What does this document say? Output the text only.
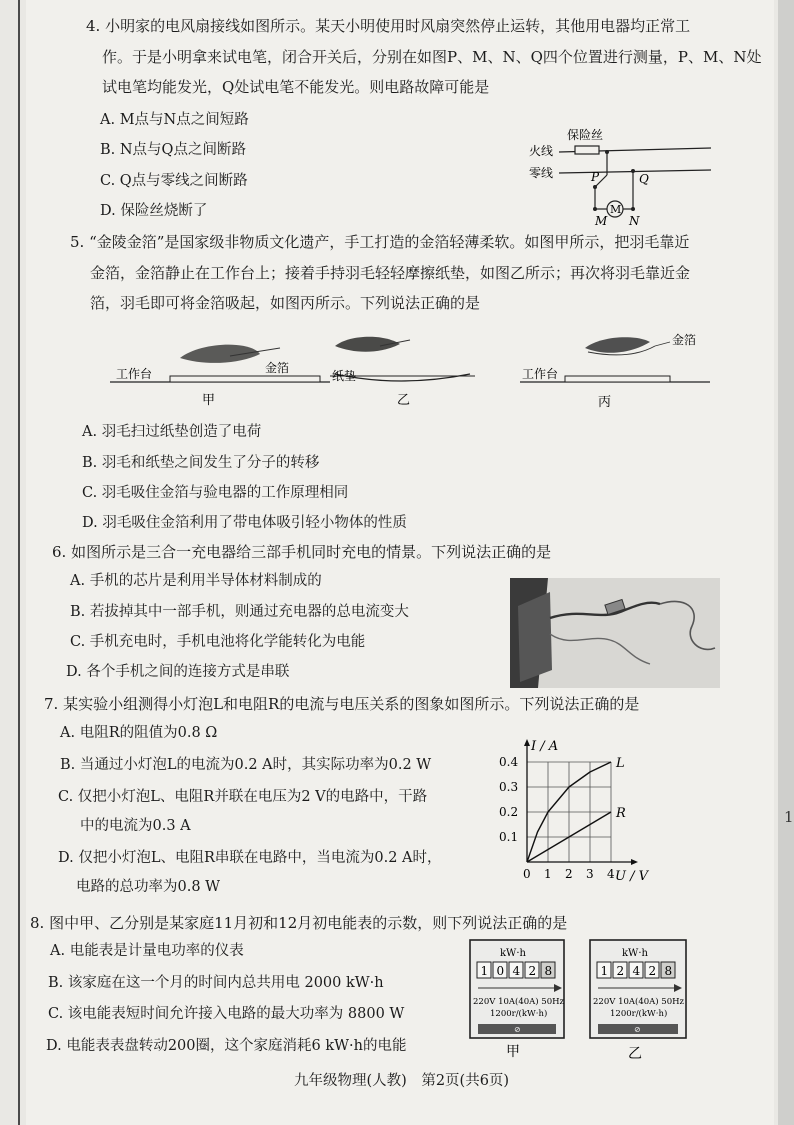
1
4. 小明家的电风扇接线如图所示。某天小明使用时风扇突然停止运转，其他用电器均正常工
作。于是小明拿来试电笔，闭合开关后，分别在如图P、M、N、Q四个位置进行测量，P、M、N处
试电笔均能发光，Q处试电笔不能发光。则电路故障可能是
A. M点与N点之间短路
B. N点与Q点之间断路
C. Q点与零线之间断路
D. 保险丝烧断了
保险丝
火线
零线	P
M
Q
M N
5. “金陵金箔”是国家级非物质文化遗产，手工打造的金箔轻薄柔软。如图甲所示，把羽毛靠近
金箔，金箔静止在工作台上；接着手持羽毛轻轻摩擦纸垫，如图乙所示；再次将羽毛靠近金
箔，羽毛即可将金箔吸起，如图丙所示。下列说法正确的是
工作台	金箔
甲
纸垫
乙
金箔
工作台
丙
A. 羽毛扫过纸垫创造了电荷
B. 羽毛和纸垫之间发生了分子的转移
C. 羽毛吸住金箔与验电器的工作原理相同
D. 羽毛吸住金箔利用了带电体吸引轻小物体的性质
6. 如图所示是三合一充电器给三部手机同时充电的情景。下列说法正确的是
A. 手机的芯片是利用半导体材料制成的
B. 若拔掉其中一部手机，则通过充电器的总电流变大
C. 手机充电时，手机电池将化学能转化为电能
D. 各个手机之间的连接方式是串联
7. 某实验小组测得小灯泡L和电阻R的电流与电压关系的图象如图所示。下列说法正确的是
A. 电阻R的阻值为0.8 Ω
B. 当通过小灯泡L的电流为0.2 A时，其实际功率为0.2 W
C. 仅把小灯泡L、电阻R并联在电压为2 V的电路中，干路
中的电流为0.3 A
D. 仅把小灯泡L、电阻R串联在电路中，当电流为0.2 A时，
电路的总功率为0.8 W
L
R
I / A
U / V
0 1 2 3 4
0.1
0.2
0.3
0.4
8. 图中甲、乙分别是某家庭11月初和12月初电能表的示数，则下列说法正确的是
A. 电能表是计量电功率的仪表
B. 该家庭在这一个月的时间内总共用电 2000 kW·h
C. 该电能表短时间允许接入电路的最大功率为 8800 W
D. 电能表表盘转动200圈，这个家庭消耗6 kW·h的电能
kW·h
1 0 4 2 8
220V 10A(40A) 50Hz
1200r/(kW·h)
⊘
甲
kW·h
1 2 4 2 8
220V 10A(40A) 50Hz
1200r/(kW·h)
⊘
乙
九年级物理(人教)　第2页(共6页)
